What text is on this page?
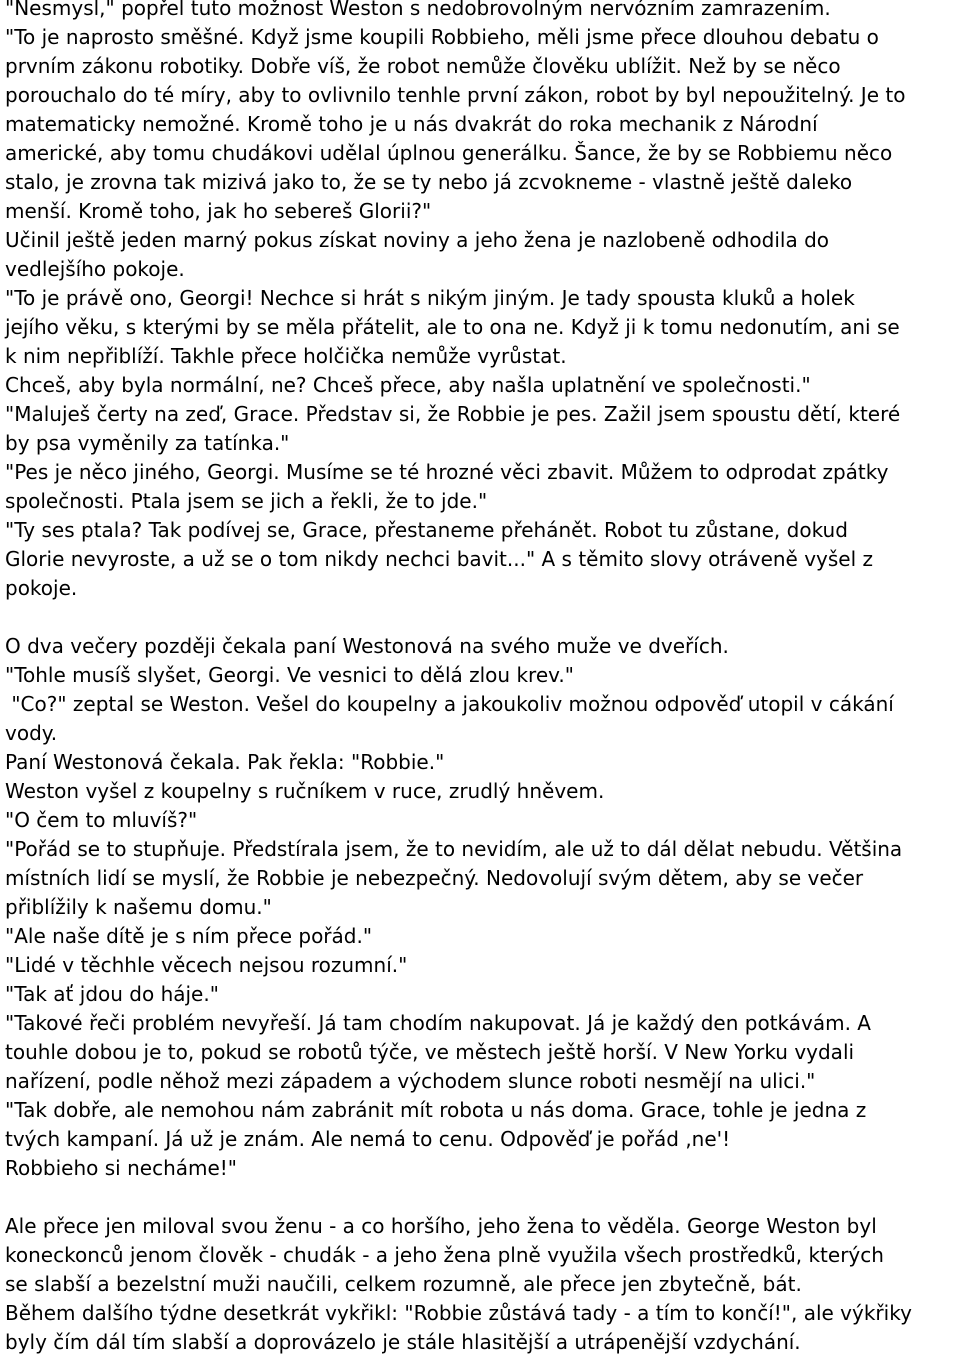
"Nesmysl," popřel tuto možnost Weston s nedobrovolným nervózním zamrazením.
"To je naprosto směšné. Když jsme koupili Robbieho, měli jsme přece dlouhou debatu o
prvním zákonu robotiky. Dobře víš, že robot nemůže člověku ublížit. Než by se něco
porouchalo do té míry, aby to ovlivnilo tenhle první zákon, robot by byl nepoužitelný. Je to
matematicky nemožné. Kromě toho je u nás dvakrát do roka mechanik z Národní
americké, aby tomu chudákovi udělal úplnou generálku. Šance, že by se Robbiemu něco
stalo, je zrovna tak mizivá jako to, že se ty nebo já zcvokneme - vlastně ještě daleko
menší. Kromě toho, jak ho sebereš Glorii?"
Učinil ještě jeden marný pokus získat noviny a jeho žena je nazlobeně odhodila do
vedlejšího pokoje.
"To je právě ono, Georgi! Nechce si hrát s nikým jiným. Je tady spousta kluků a holek
jejího věku, s kterými by se měla přátelit, ale to ona ne. Když ji k tomu nedonutím, ani se
k nim nepřiblíží. Takhle přece holčička nemůže vyrůstat.
Chceš, aby byla normální, ne? Chceš přece, aby našla uplatnění ve společnosti."
"Maluješ čerty na zeď, Grace. Představ si, že Robbie je pes. Zažil jsem spoustu dětí, které
by psa vyměnily za tatínka."
"Pes je něco jiného, Georgi. Musíme se té hrozné věci zbavit. Můžem to odprodat zpátky
společnosti. Ptala jsem se jich a řekli, že to jde."
"Ty ses ptala? Tak podívej se, Grace, přestaneme přehánět. Robot tu zůstane, dokud
Glorie nevyroste, a už se o tom nikdy nechci bavit..." A s těmito slovy otráveně vyšel z
pokoje.
O dva večery později čekala paní Westonová na svého muže ve dveřích.
"Tohle musíš slyšet, Georgi. Ve vesnici to dělá zlou krev."
"Co?" zeptal se Weston. Vešel do koupelny a jakoukoliv možnou odpověď utopil v cákání
vody.
Paní Westonová čekala. Pak řekla: "Robbie."
Weston vyšel z koupelny s ručníkem v ruce, zrudlý hněvem.
"O čem to mluvíš?"
"Pořád se to stupňuje. Předstírala jsem, že to nevidím, ale už to dál dělat nebudu. Většina
místních lidí se myslí, že Robbie je nebezpečný. Nedovolují svým dětem, aby se večer
přiblížily k našemu domu."
"Ale naše dítě je s ním přece pořád."
"Lidé v těchhle věcech nejsou rozumní."
"Tak ať jdou do háje."
"Takové řeči problém nevyřeší. Já tam chodím nakupovat. Já je každý den potkávám. A
touhle dobou je to, pokud se robotů týče, ve městech ještě horší. V New Yorku vydali
nařízení, podle něhož mezi západem a východem slunce roboti nesmějí na ulici."
"Tak dobře, ale nemohou nám zabránit mít robota u nás doma. Grace, tohle je jedna z
tvých kampaní. Já už je znám. Ale nemá to cenu. Odpověď je pořád ,ne'!
Robbieho si necháme!"
Ale přece jen miloval svou ženu - a co horšího, jeho žena to věděla. George Weston byl
koneckonců jenom člověk - chudák - a jeho žena plně využila všech prostředků, kterých
se slabší a bezelstní muži naučili, celkem rozumně, ale přece jen zbytečně, bát.
Během dalšího týdne desetkrát vykřikl: "Robbie zůstává tady - a tím to končí!", ale výkřiky
byly čím dál tím slabší a doprovázelo je stále hlasitější a utrápenější vzdychání.
